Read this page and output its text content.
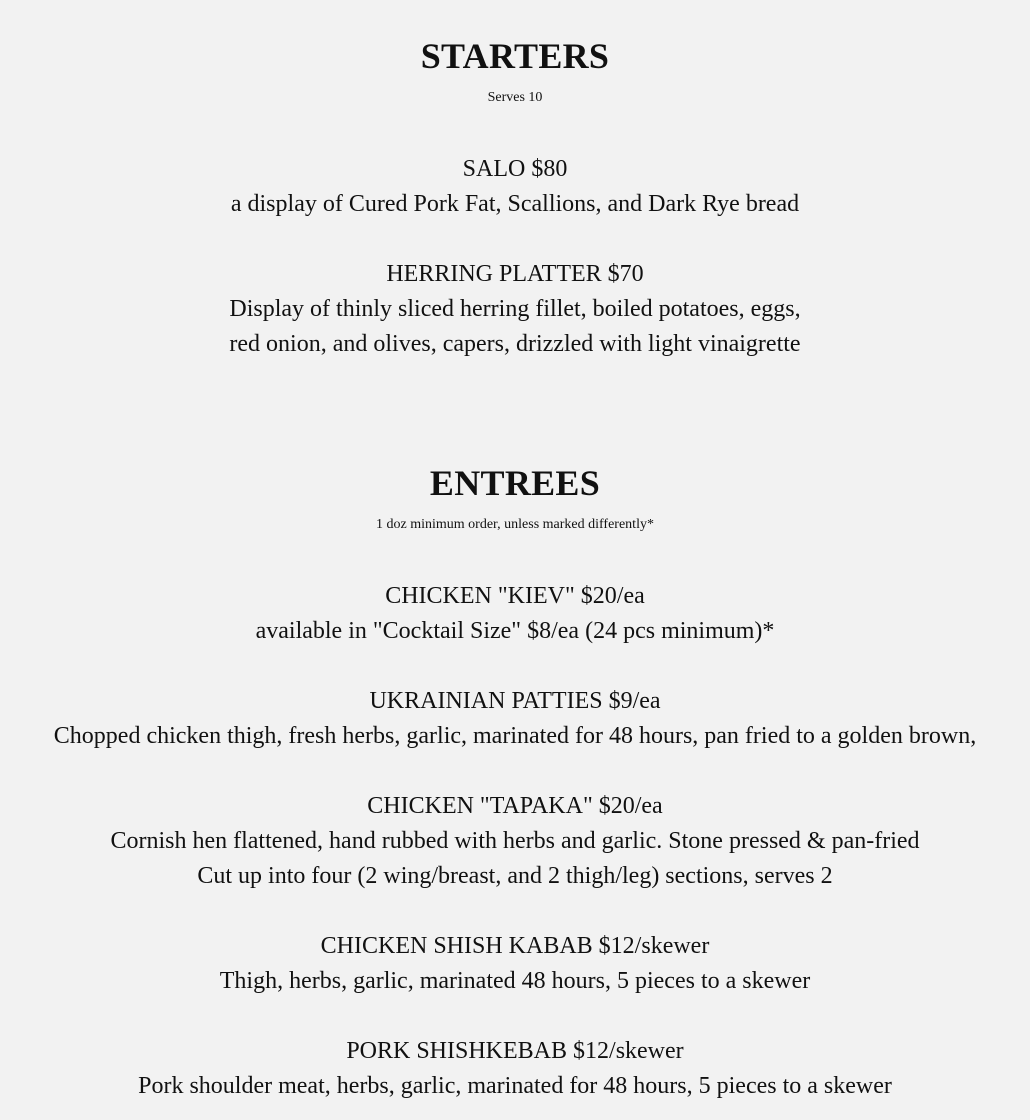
STARTERS
Serves 10
SALO $80
a display of Cured Pork Fat, Scallions, and Dark Rye bread
HERRING PLATTER $70
Display of thinly sliced herring fillet, boiled potatoes, eggs,
red onion, and olives, capers, drizzled with light vinaigrette
ENTREES
1 doz minimum order, unless marked differently*
CHICKEN "KIEV" $20/ea
available in "Cocktail Size" $8/ea (24 pcs minimum)*
UKRAINIAN PATTIES $9/ea
Chopped chicken thigh, fresh herbs, garlic, marinated for 48 hours, pan fried to a golden brown,
CHICKEN "TAPAKA" $20/ea
Cornish hen flattened, hand rubbed with herbs and garlic. Stone pressed & pan-fried
Cut up into four (2 wing/breast, and 2 thigh/leg) sections, serves 2
CHICKEN SHISH KABAB $12/skewer
Thigh, herbs, garlic, marinated 48 hours, 5 pieces to a skewer
PORK SHISHKEBAB $12/skewer
Pork shoulder meat, herbs, garlic, marinated for 48 hours, 5 pieces to a skewer
